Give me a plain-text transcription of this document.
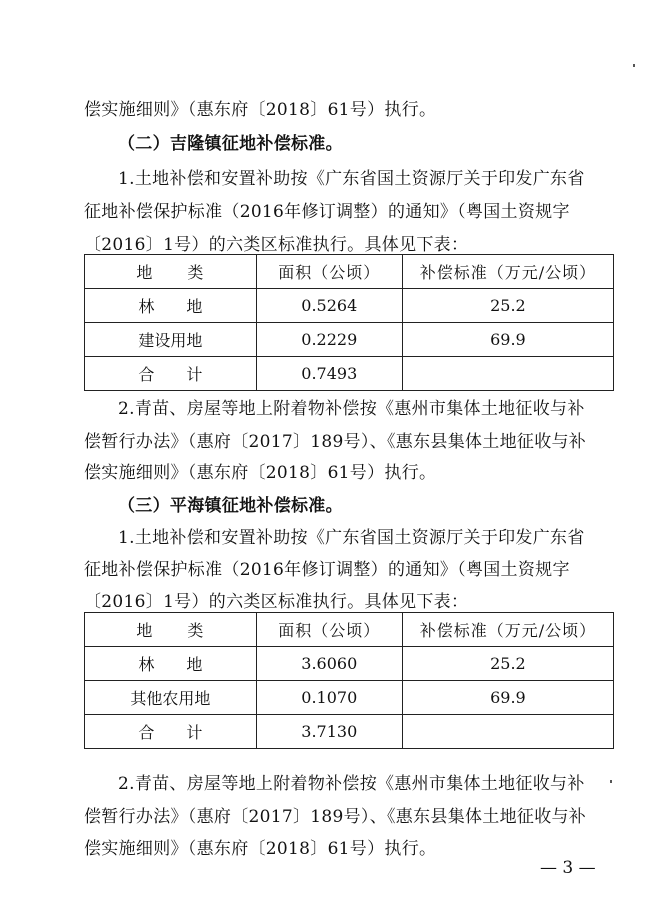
偿实施细则》（惠东府〔2018〕61号）执行。
（二）吉隆镇征地补偿标准。
1.土地补偿和安置补助按《广东省国土资源厅关于印发广东省
征地补偿保护标准（2016年修订调整）的通知》（粤国土资规字
〔2016〕1号）的六类区标准执行。具体见下表：
地　　类	面积（公顷）	补偿标准（万元/公顷）
林　　地	0.5264	25.2
建设用地	0.2229	69.9
合　　计	0.7493	
2.青苗、房屋等地上附着物补偿按《惠州市集体土地征收与补
偿暂行办法》（惠府〔2017〕189号）、《惠东县集体土地征收与补
偿实施细则》（惠东府〔2018〕61号）执行。
（三）平海镇征地补偿标准。
1.土地补偿和安置补助按《广东省国土资源厅关于印发广东省
征地补偿保护标准（2016年修订调整）的通知》（粤国土资规字
〔2016〕1号）的六类区标准执行。具体见下表：
地　　类	面积（公顷）	补偿标准（万元/公顷）
林　　地	3.6060	25.2
其他农用地	0.1070	69.9
合　　计	3.7130	
2.青苗、房屋等地上附着物补偿按《惠州市集体土地征收与补
偿暂行办法》（惠府〔2017〕189号）、《惠东县集体土地征收与补
偿实施细则》（惠东府〔2018〕61号）执行。
— 3 —
